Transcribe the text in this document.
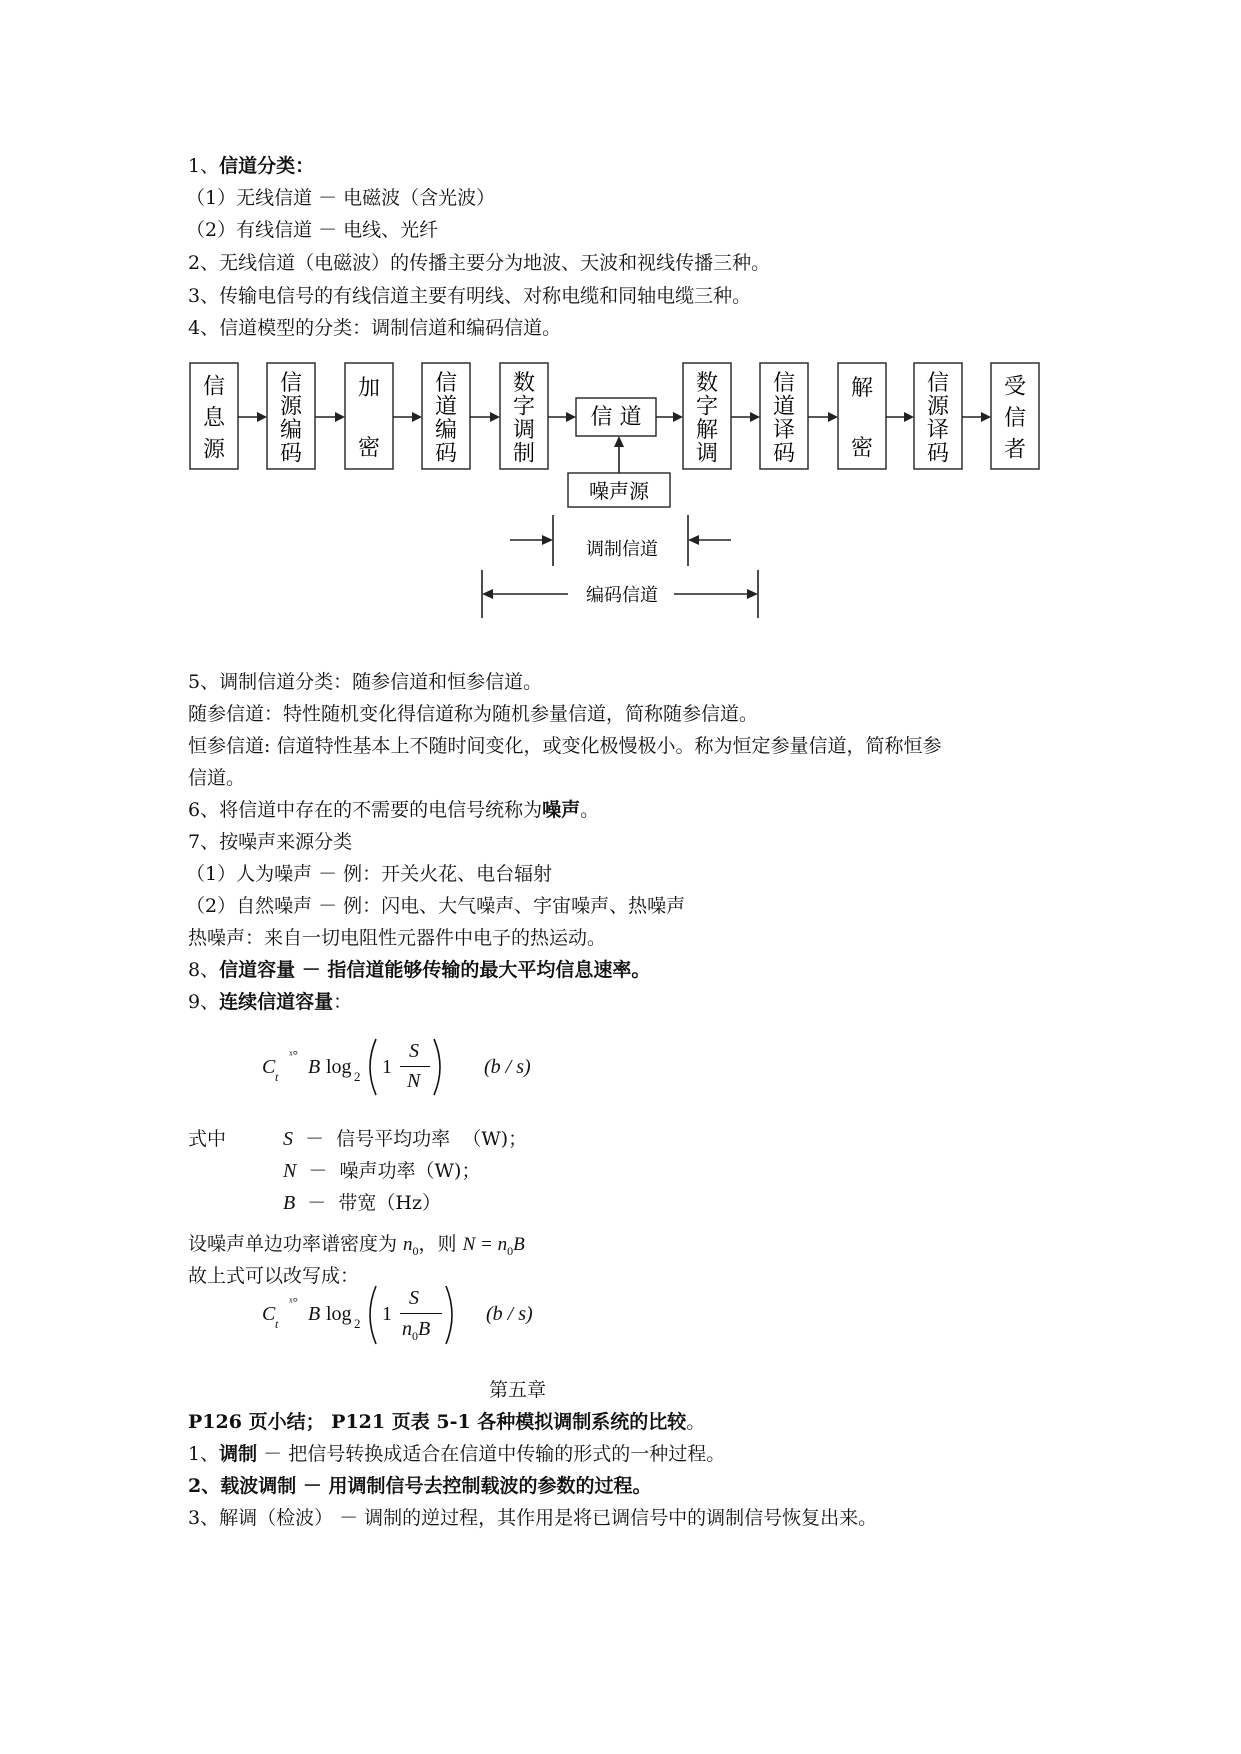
1、信道分类：
（1）无线信道 － 电磁波（含光波）
（2）有线信道 － 电线、光纤
2、无线信道（电磁波）的传播主要分为地波、天波和视线传播三种。
3、传输电信号的有线信道主要有明线、对称电缆和同轴电缆三种。
4、信道模型的分类：调制信道和编码信道。
信
息
源
信
源
编
码
加
密
信
道
编
码
数
字
调
制
信 道
数
字
解
调
信
道
译
码
解
密
信
源
译
码
受
信
者
噪声源
调制信道
编码信道
5、调制信道分类：随参信道和恒参信道。
随参信道：特性随机变化得信道称为随机参量信道，简称随参信道。
恒参信道: 信道特性基本上不随时间变化，或变化极慢极小。称为恒定参量信道，简称恒参
信道。
6、将信道中存在的不需要的电信号统称为噪声。
7、按噪声来源分类
（1）人为噪声 － 例：开关火花、电台辐射
（2）自然噪声 － 例：闪电、大气噪声、宇宙噪声、热噪声
热噪声：来自一切电阻性元器件中电子的热运动。
8、信道容量 － 指信道能够传输的最大平均信息速率。
9、连续信道容量：
C t
ˣ°
B log 2 1
S
N
(b / s)
式中	S  －  信号平均功率  （W)；
N  －  噪声功率（W)；
B  －  带宽（Hz）
设噪声单边功率谱密度为 $n_0$，则 $N = n_0B$
故上式可以改写成：
C t
ˣ°
B log 2 1
S
$n_0B$
(b / s)
第五章
P126 页小结； P121 页表 5-1 各种模拟调制系统的比较。
1、调制 － 把信号转换成适合在信道中传输的形式的一种过程。
2、载波调制 － 用调制信号去控制载波的参数的过程。
3、解调（检波） － 调制的逆过程，其作用是将已调信号中的调制信号恢复出来。
